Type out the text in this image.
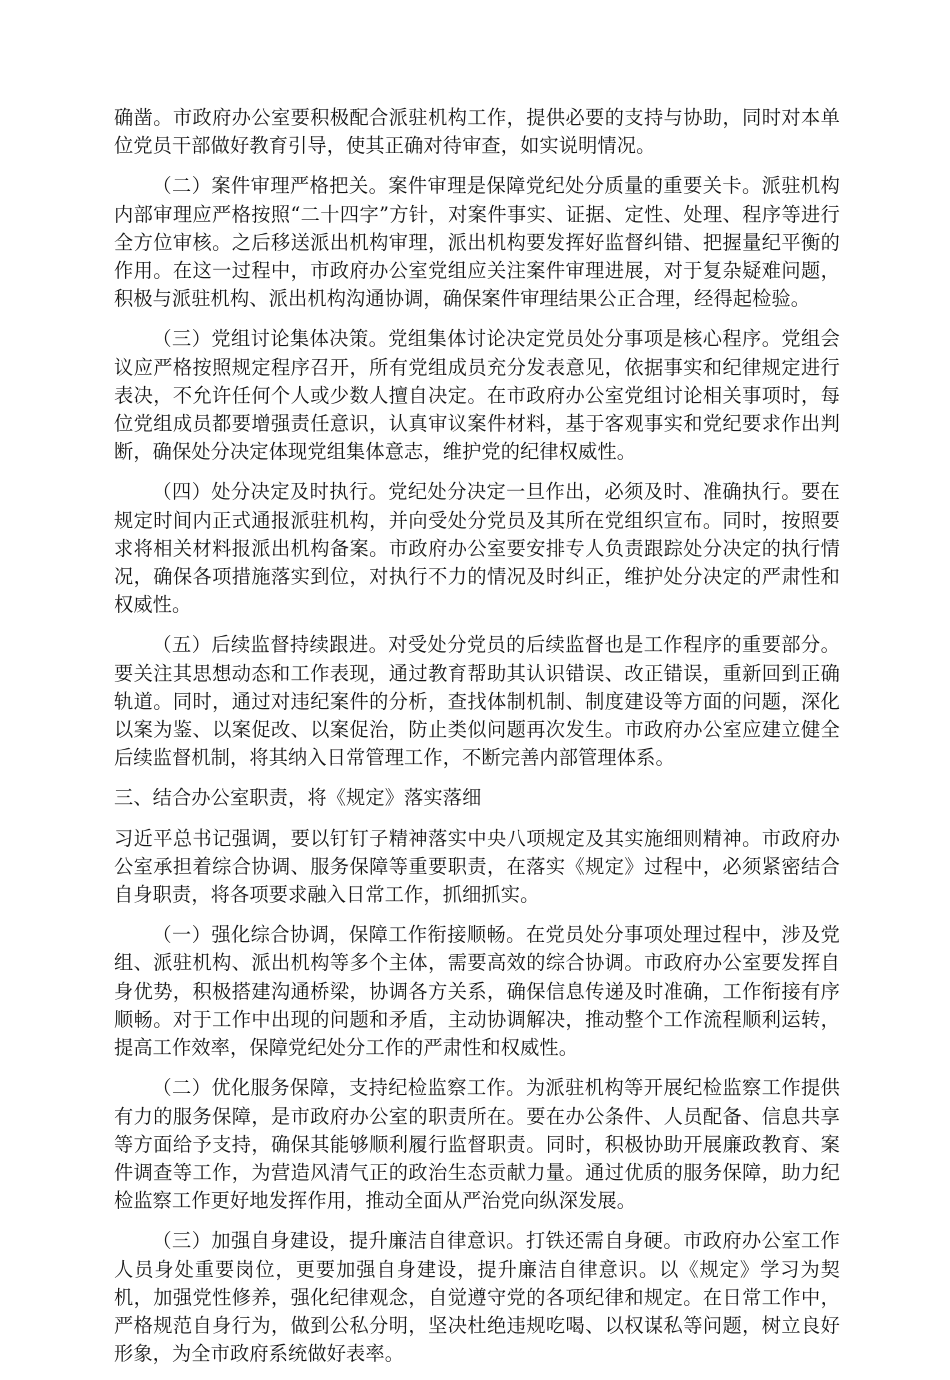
确凿。市政府办公室要积极配合派驻机构工作，提供必要的支持与协助，同时对本单位党员干部做好教育引导，使其正确对待审查，如实说明情况。

（二）案件审理严格把关。案件审理是保障党纪处分质量的重要关卡。派驻机构内部审理应严格按照“二十四字”方针，对案件事实、证据、定性、处理、程序等进行全方位审核。之后移送派出机构审理，派出机构要发挥好监督纠错、把握量纪平衡的作用。在这一过程中，市政府办公室党组应关注案件审理进展，对于复杂疑难问题，积极与派驻机构、派出机构沟通协调，确保案件审理结果公正合理，经得起检验。

（三）党组讨论集体决策。党组集体讨论决定党员处分事项是核心程序。党组会议应严格按照规定程序召开，所有党组成员充分发表意见，依据事实和纪律规定进行表决，不允许任何个人或少数人擅自决定。在市政府办公室党组讨论相关事项时，每位党组成员都要增强责任意识，认真审议案件材料，基于客观事实和党纪要求作出判断，确保处分决定体现党组集体意志，维护党的纪律权威性。

（四）处分决定及时执行。党纪处分决定一旦作出，必须及时、准确执行。要在规定时间内正式通报派驻机构，并向受处分党员及其所在党组织宣布。同时，按照要求将相关材料报派出机构备案。市政府办公室要安排专人负责跟踪处分决定的执行情况，确保各项措施落实到位，对执行不力的情况及时纠正，维护处分决定的严肃性和权威性。

（五）后续监督持续跟进。对受处分党员的后续监督也是工作程序的重要部分。要关注其思想动态和工作表现，通过教育帮助其认识错误、改正错误，重新回到正确轨道。同时，通过对违纪案件的分析，查找体制机制、制度建设等方面的问题，深化以案为鉴、以案促改、以案促治，防止类似问题再次发生。市政府办公室应建立健全后续监督机制，将其纳入日常管理工作，不断完善内部管理体系。

三、结合办公室职责，将《规定》落实落细

习近平总书记强调，要以钉钉子精神落实中央八项规定及其实施细则精神。市政府办公室承担着综合协调、服务保障等重要职责，在落实《规定》过程中，必须紧密结合自身职责，将各项要求融入日常工作，抓细抓实。

（一）强化综合协调，保障工作衔接顺畅。在党员处分事项处理过程中，涉及党组、派驻机构、派出机构等多个主体，需要高效的综合协调。市政府办公室要发挥自身优势，积极搭建沟通桥梁，协调各方关系，确保信息传递及时准确，工作衔接有序顺畅。对于工作中出现的问题和矛盾，主动协调解决，推动整个工作流程顺利运转，提高工作效率，保障党纪处分工作的严肃性和权威性。

（二）优化服务保障，支持纪检监察工作。为派驻机构等开展纪检监察工作提供有力的服务保障，是市政府办公室的职责所在。要在办公条件、人员配备、信息共享等方面给予支持，确保其能够顺利履行监督职责。同时，积极协助开展廉政教育、案件调查等工作，为营造风清气正的政治生态贡献力量。通过优质的服务保障，助力纪检监察工作更好地发挥作用，推动全面从严治党向纵深发展。

（三）加强自身建设，提升廉洁自律意识。打铁还需自身硬。市政府办公室工作人员身处重要岗位，更要加强自身建设，提升廉洁自律意识。以《规定》学习为契机，加强党性修养，强化纪律观念，自觉遵守党的各项纪律和规定。在日常工作中，严格规范自身行为，做到公私分明，坚决杜绝违规吃喝、以权谋私等问题，树立良好形象，为全市政府系统做好表率。
